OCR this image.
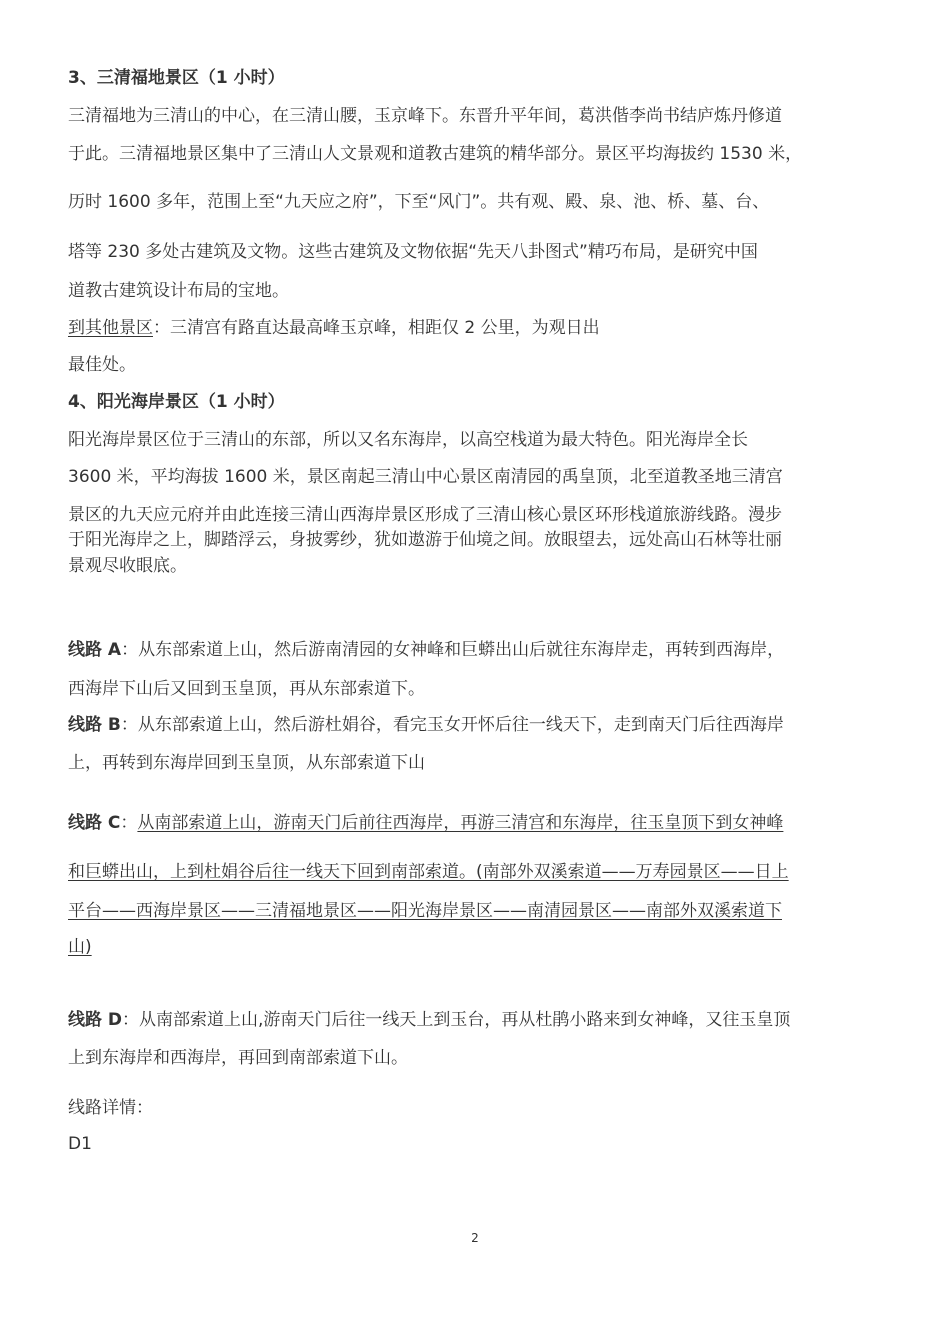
3、三清福地景区（1 小时）
三清福地为三清山的中心，在三清山腰，玉京峰下。东晋升平年间，葛洪偕李尚书结庐炼丹修道
于此。三清福地景区集中了三清山人文景观和道教古建筑的精华部分。景区平均海拔约 1530 米，
历时 1600 多年，范围上至“九天应之府”，下至“风门”。共有观、殿、泉、池、桥、墓、台、
塔等 230 多处古建筑及文物。这些古建筑及文物依据“先天八卦图式”精巧布局，是研究中国
道教古建筑设计布局的宝地。
到其他景区：三清宫有路直达最高峰玉京峰，相距仅 2 公里，为观日出
最佳处。
4、阳光海岸景区（1 小时）
阳光海岸景区位于三清山的东部，所以又名东海岸，以高空栈道为最大特色。阳光海岸全长
3600 米，平均海拔 1600 米，景区南起三清山中心景区南清园的禹皇顶，北至道教圣地三清宫
景区的九天应元府并由此连接三清山西海岸景区形成了三清山核心景区环形栈道旅游线路。漫步
于阳光海岸之上，脚踏浮云，身披雾纱，犹如遨游于仙境之间。放眼望去，远处高山石林等壮丽
景观尽收眼底。
线路 A：从东部索道上山，然后游南清园的女神峰和巨蟒出山后就往东海岸走，再转到西海岸，
西海岸下山后又回到玉皇顶，再从东部索道下。
线路 B：从东部索道上山，然后游杜娟谷，看完玉女开怀后往一线天下，走到南天门后往西海岸
上，再转到东海岸回到玉皇顶，从东部索道下山
线路 C：从南部索道上山，游南天门后前往西海岸，再游三清宫和东海岸，往玉皇顶下到女神峰
和巨蟒出山，上到杜娟谷后往一线天下回到南部索道。(南部外双溪索道——万寿园景区——日上
平台——西海岸景区——三清福地景区——阳光海岸景区——南清园景区——南部外双溪索道下
山)
线路 D：从南部索道上山,游南天门后往一线天上到玉台，再从杜鹃小路来到女神峰，又往玉皇顶
上到东海岸和西海岸，再回到南部索道下山。
线路详情：
D1
2
